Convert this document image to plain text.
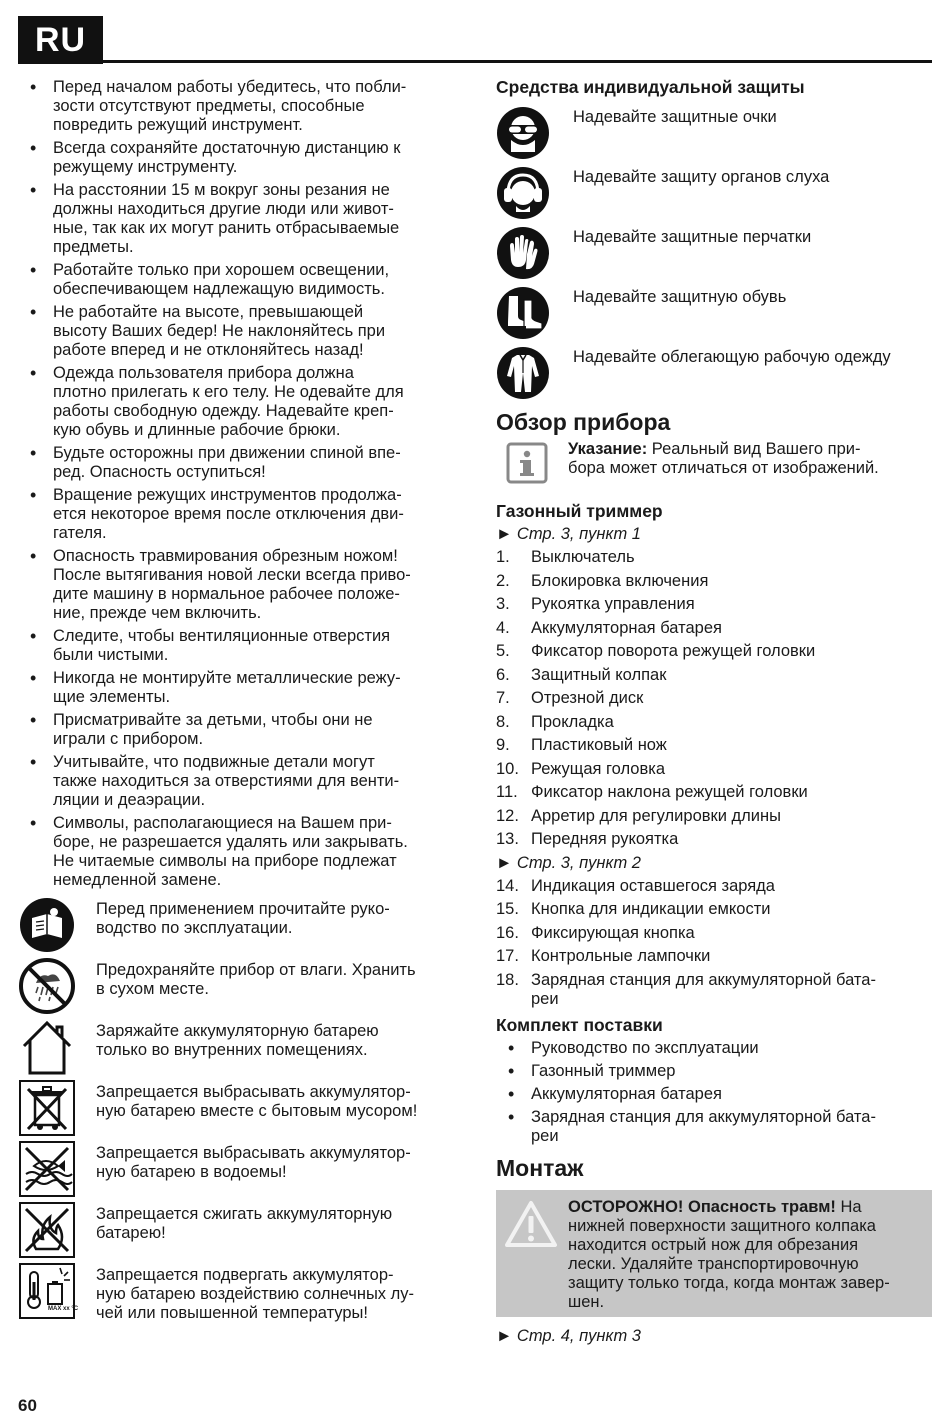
RU
• Перед началом работы убедитесь, что побли-
зости отсутствуют предметы, способные
повредить режущий инструмент.
• Всегда сохраняйте достаточную дистанцию к
режущему инструменту.
• На расстоянии 15 м вокруг зоны резания не
должны находиться другие люди или живот-
ные, так как их могут ранить отбрасываемые
предметы.
• Работайте только при хорошем освещении,
обеспечивающем надлежащую видимость.
• Не работайте на высоте, превышающей
высоту Ваших бедер! Не наклоняйтесь при
работе вперед и не отклоняйтесь назад!
• Одежда пользователя прибора должна
плотно прилегать к его телу. Не одевайте для
работы свободную одежду. Надевайте креп-
кую обувь и длинные рабочие брюки.
• Будьте осторожны при движении спиной впе-
ред. Опасность оступиться!
• Вращение режущих инструментов продолжа-
ется некоторое время после отключения дви-
гателя.
• Опасность травмирования обрезным ножом!
После вытягивания новой лески всегда приво-
дите машину в нормальное рабочее положе-
ние, прежде чем включить.
• Следите, чтобы вентиляционные отверстия
были чистыми.
• Никогда не монтируйте металлические режу-
щие элементы.
• Присматривайте за детьми, чтобы они не
играли с прибором.
• Учитывайте, что подвижные детали могут
также находиться за отверстиями для венти-
ляции и деаэрации.
• Символы, располагающиеся на Вашем при-
боре, не разрешается удалять или закрывать.
Не читаемые символы на приборе подлежат
немедленной замене.
Перед применением прочитайте руко-
водство по эксплуатации.
Предохраняйте прибор от влаги. Хранить
в сухом месте.
Заряжайте аккумуляторную батарею
только во внутренних помещениях.
Запрещается выбрасывать аккумулятор-
ную батарею вместе с бытовым мусором!
Запрещается выбрасывать аккумулятор-
ную батарею в водоемы!
Запрещается сжигать аккумуляторную
батарею!
MAX xx °C
Запрещается подвергать аккумулятор-
ную батарею воздействию солнечных лу-
чей или повышенной температуры!
Средства индивидуальной защиты
Надевайте защитные очки
Надевайте защиту органов слуха
Надевайте защитные перчатки
Надевайте защитную обувь
Надевайте облегающую рабочую одежду
Обзор прибора
Указание: Реальный вид Вашего при-
бора может отличаться от изображений.
Газонный триммер
► Стр. 3, пункт 1
1. Выключатель
2. Блокировка включения
3. Рукоятка управления
4. Аккумуляторная батарея
5. Фиксатор поворота режущей головки
6. Защитный колпак
7. Отрезной диск
8. Прокладка
9. Пластиковый нож
10. Режущая головка
11. Фиксатор наклона режущей головки
12. Арретир для регулировки длины
13. Передняя рукоятка
► Стр. 3, пункт 2
14. Индикация оставшегося заряда
15. Кнопка для индикации емкости
16. Фиксирующая кнопка
17. Контрольные лампочки
18. Зарядная станция для аккумуляторной бата-
реи
Комплект поставки
• Руководство по эксплуатации
• Газонный триммер
• Аккумуляторная батарея
• Зарядная станция для аккумуляторной бата-
реи
Монтаж
ОСТОРОЖНО! Опасность травм! На
нижней поверхности защитного колпака
находится острый нож для обрезания
лески. Удаляйте транспортировочную
защиту только тогда, когда монтаж завер-
шен.
► Стр. 4, пункт 3
60
